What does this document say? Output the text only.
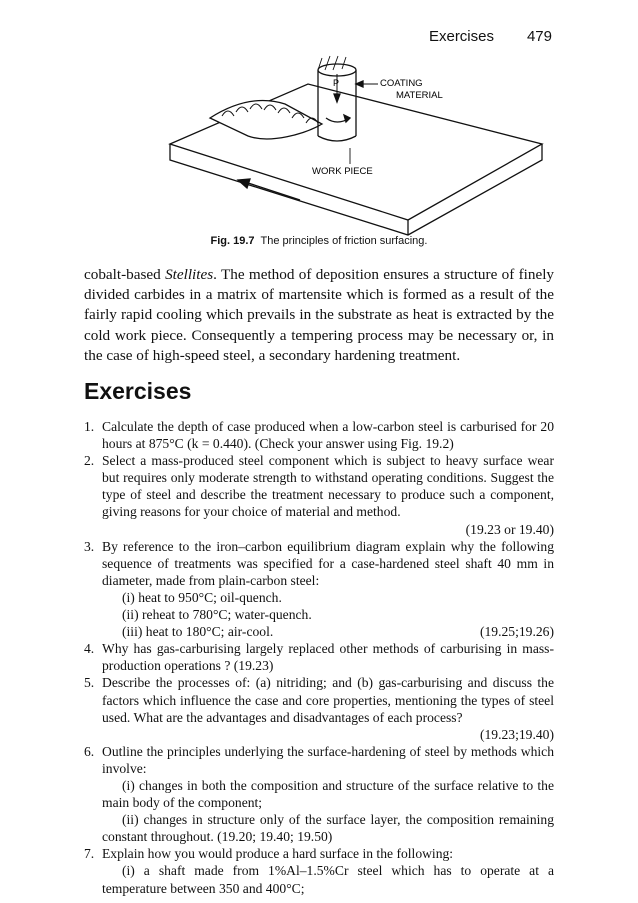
Exercises 479
P	COATING
MATERIAL
WORK PIECE
Fig. 19.7 The principles of friction surfacing.
cobalt-based Stellites. The method of deposition ensures a structure of finely divided carbides in a matrix of martensite which is formed as a result of the fairly rapid cooling which prevails in the substrate as heat is extracted by the cold work piece. Consequently a tempering process may be necessary or, in the case of high-speed steel, a secondary hardening treatment.
Exercises
1. Calculate the depth of case produced when a low-carbon steel is carburised for 20 hours at 875°C (k = 0.440). (Check your answer using Fig. 19.2)
2. Select a mass-produced steel component which is subject to heavy surface wear but requires only moderate strength to withstand operating conditions. Suggest the type of steel and describe the treatment necessary to produce such a component, giving reasons for your choice of material and method.
(19.23 or 19.40)
3. By reference to the iron–carbon equilibrium diagram explain why the following sequence of treatments was specified for a case-hardened steel shaft 40 mm in diameter, made from plain-carbon steel:
(i) heat to 950°C; oil-quench.
(ii) reheat to 780°C; water-quench.
(iii) heat to 180°C; air-cool.	(19.25;19.26)
4. Why has gas-carburising largely replaced other methods of carburising in mass-production operations ? (19.23)
5. Describe the processes of: (a) nitriding; and (b) gas-carburising and discuss the factors which influence the case and core properties, mentioning the types of steel used. What are the advantages and disadvantages of each process?
(19.23;19.40)
6. Outline the principles underlying the surface-hardening of steel by methods which involve:
(i) changes in both the composition and structure of the surface relative to the main body of the component;
(ii) changes in structure only of the surface layer, the composition remaining constant throughout. (19.20; 19.40; 19.50)
7. Explain how you would produce a hard surface in the following:
(i) a shaft made from 1%Al–1.5%Cr steel which has to operate at a temperature between 350 and 400°C;
